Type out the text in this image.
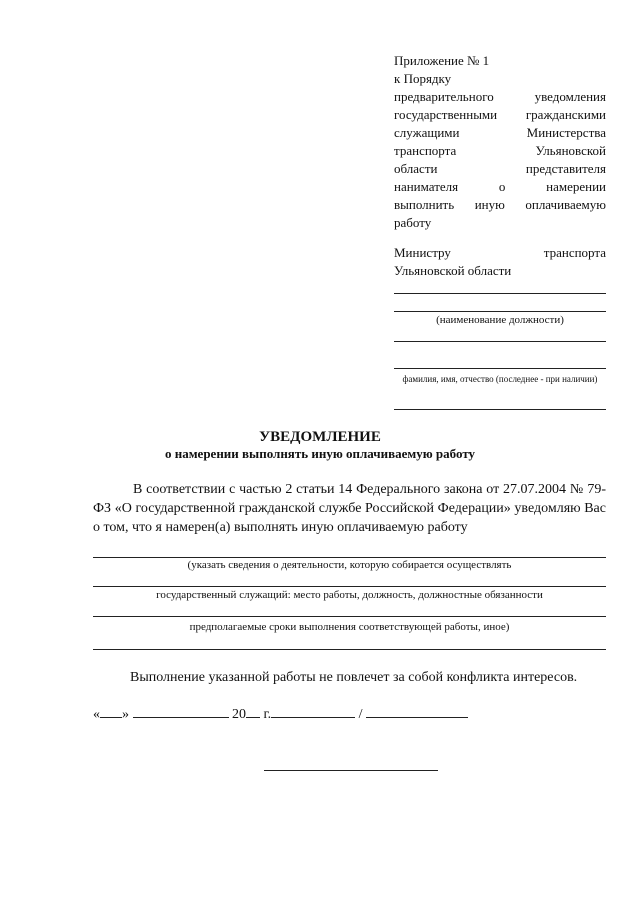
Приложение № 1
к Порядку
предварительного уведомления
государственными гражданскими
служащими Министерства
транспорта Ульяновской
области представителя
нанимателя о намерении
выполнить иную оплачиваемую
работу
Министру транспорта
Ульяновской области
(наименование должности)
фамилия, имя, отчество (последнее - при наличии)
УВЕДОМЛЕНИЕ
о намерении выполнять иную оплачиваемую работу
В соответствии с частью 2 статьи 14 Федерального закона от 27.07.2004 № 79-ФЗ «О государственной гражданской службе Российской Федерации» уведомляю Вас о том, что я намерен(а) выполнять иную оплачиваемую работу
(указать сведения о деятельности, которую собирается осуществлять
государственный служащий: место работы, должность, должностные обязанности
предполагаемые сроки выполнения соответствующей работы, иное)
Выполнение указанной работы не повлечет за собой конфликта интересов.
« »	20 г.	/
